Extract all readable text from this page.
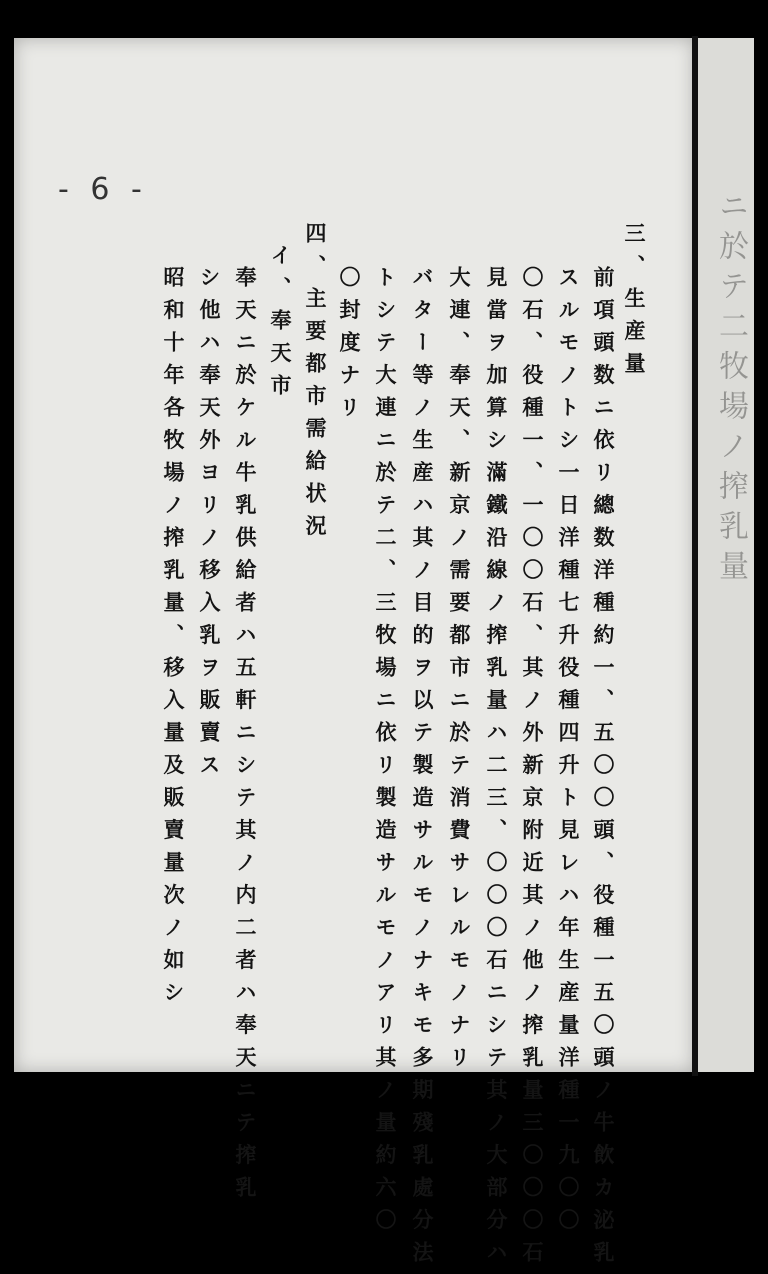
ニ於テ二牧場ノ搾乳量
- 6 -
三、生産量
前項頭数ニ依リ總数洋種約一、五〇〇頭、役種一五〇頭ノ牛飲カ泌乳
スルモノトシ一日洋種七升役種四升ト見レハ年生産量洋種一九〇〇
〇石、役種一、一〇〇石、其ノ外新京附近其ノ他ノ搾乳量三〇〇〇石
見當ヲ加算シ滿鐵沿線ノ搾乳量ハ二三、〇〇〇石ニシテ其ノ大部分ハ
大連、奉天、新京ノ需要都市ニ於テ消費サレルモノナリ
バター等ノ生産ハ其ノ目的ヲ以テ製造サルモノナキモ多期殘乳處分法
トシテ大連ニ於テ二、三牧場ニ依リ製造サルモノアリ其ノ量約六〇
〇封度ナリ
四、主要都市需給状況
イ、奉天市
奉天ニ於ケル牛乳供給者ハ五軒ニシテ其ノ内二者ハ奉天ニテ搾乳
シ他ハ奉天外ヨリノ移入乳ヲ販賣ス
昭和十年各牧場ノ搾乳量、移入量及販賣量次ノ如シ
